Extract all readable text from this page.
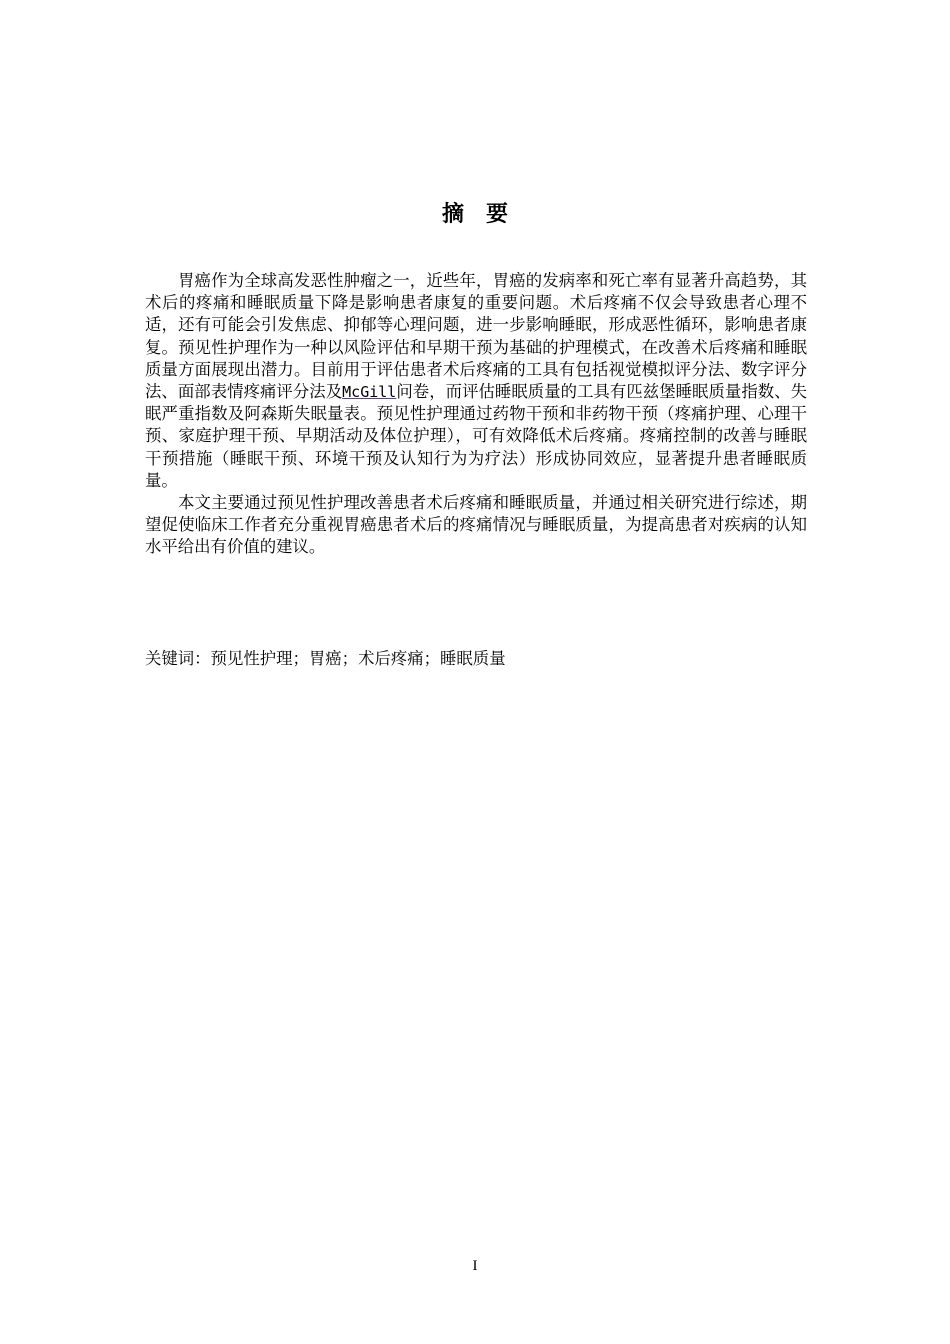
摘要

胃癌作为全球高发恶性肿瘤之一，近些年，胃癌的发病率和死亡率有显著升高趋势，其术后的疼痛和睡眠质量下降是影响患者康复的重要问题。术后疼痛不仅会导致患者心理不适，还有可能会引发焦虑、抑郁等心理问题，进一步影响睡眠，形成恶性循环，影响患者康复。预见性护理作为一种以风险评估和早期干预为基础的护理模式，在改善术后疼痛和睡眠质量方面展现出潜力。目前用于评估患者术后疼痛的工具有包括视觉模拟评分法、数字评分法、面部表情疼痛评分法及McGill问卷，而评估睡眠质量的工具有匹兹堡睡眠质量指数、失眠严重指数及阿森斯失眠量表。预见性护理通过药物干预和非药物干预（疼痛护理、心理干预、家庭护理干预、早期活动及体位护理），可有效降低术后疼痛。疼痛控制的改善与睡眠干预措施（睡眠干预、环境干预及认知行为为疗法）形成协同效应，显著提升患者睡眠质量。

本文主要通过预见性护理改善患者术后疼痛和睡眠质量，并通过相关研究进行综述，期望促使临床工作者充分重视胃癌患者术后的疼痛情况与睡眠质量，为提高患者对疾病的认知水平给出有价值的建议。

关键词：预见性护理；胃癌；术后疼痛；睡眠质量
I
